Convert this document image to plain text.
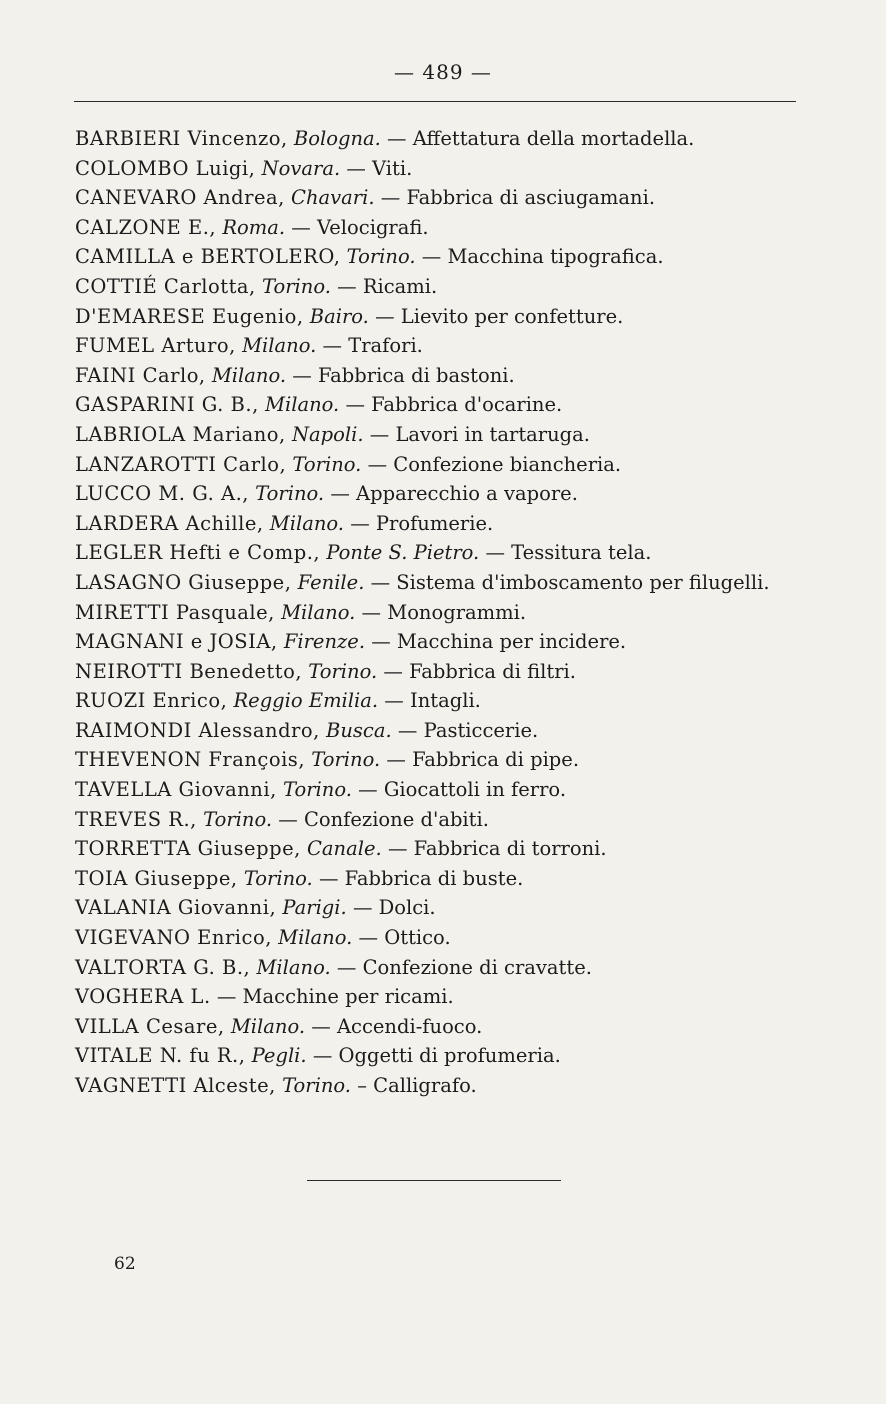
— 489 —
BARBIERI Vincenzo, Bologna. — Affettatura della mortadella.
COLOMBO Luigi, Novara. — Viti.
CANEVARO Andrea, Chavari. — Fabbrica di asciugamani.
CALZONE E., Roma. — Velocigrafi.
CAMILLA e BERTOLERO, Torino. — Macchina tipografica.
COTTIÉ Carlotta, Torino. — Ricami.
D'EMARESE Eugenio, Bairo. — Lievito per confetture.
FUMEL Arturo, Milano. — Trafori.
FAINI Carlo, Milano. — Fabbrica di bastoni.
GASPARINI G. B., Milano. — Fabbrica d'ocarine.
LABRIOLA Mariano, Napoli. — Lavori in tartaruga.
LANZAROTTI Carlo, Torino. — Confezione biancheria.
LUCCO M. G. A., Torino. — Apparecchio a vapore.
LARDERA Achille, Milano. — Profumerie.
LEGLER Hefti e Comp., Ponte S. Pietro. — Tessitura tela.
LASAGNO Giuseppe, Fenile. — Sistema d'imboscamento per filugelli.
MIRETTI Pasquale, Milano. — Monogrammi.
MAGNANI e JOSIA, Firenze. — Macchina per incidere.
NEIROTTI Benedetto, Torino. — Fabbrica di filtri.
RUOZI Enrico, Reggio Emilia. — Intagli.
RAIMONDI Alessandro, Busca. — Pasticcerie.
THEVENON François, Torino. — Fabbrica di pipe.
TAVELLA Giovanni, Torino. — Giocattoli in ferro.
TREVES R., Torino. — Confezione d'abiti.
TORRETTA Giuseppe, Canale. — Fabbrica di torroni.
TOIA Giuseppe, Torino. — Fabbrica di buste.
VALANIA Giovanni, Parigi. — Dolci.
VIGEVANO Enrico, Milano. — Ottico.
VALTORTA G. B., Milano. — Confezione di cravatte.
VOGHERA L. — Macchine per ricami.
VILLA Cesare, Milano. — Accendi-fuoco.
VITALE N. fu R., Pegli. — Oggetti di profumeria.
VAGNETTI Alceste, Torino. – Calligrafo.
62
